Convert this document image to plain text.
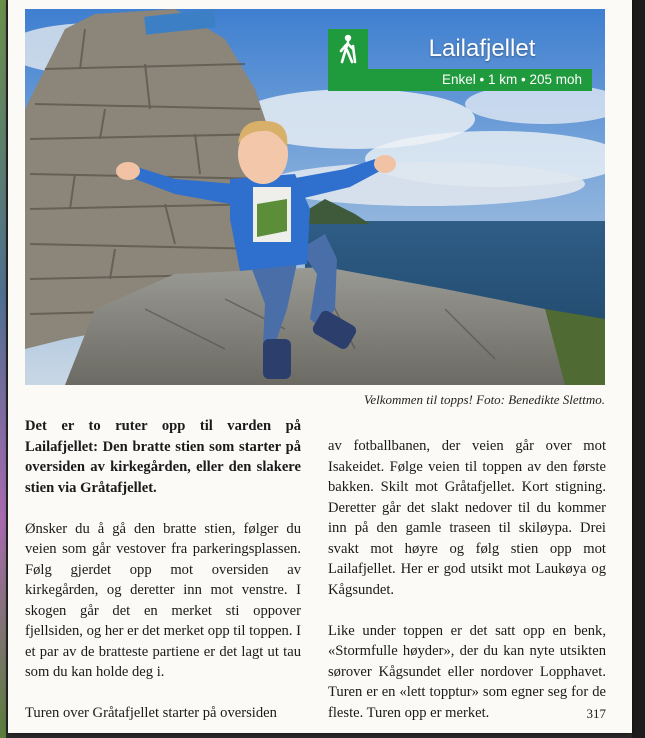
Lailafjellet
Enkel • 1 km • 205 moh
Velkommen til topps! Foto: Benedikte Slettmo.

Det er to ruter opp til varden på Lailafjellet: Den bratte stien som starter på oversiden av kirkegården, eller den slakere stien via Gråtafjellet.

Ønsker du å gå den bratte stien, følger du veien som går vestover fra parkeringsplassen. Følg gjerdet opp mot oversiden av kirkegården, og deretter inn mot venstre. I skogen går det en merket sti oppover fjellsiden, og her er det merket opp til toppen. I et par av de bratteste partiene er det lagt ut tau som du kan holde deg i.

Turen over Gråtafjellet starter på oversiden

av fotballbanen, der veien går over mot Isakeidet. Følge veien til toppen av den første bakken. Skilt mot Gråtafjellet. Kort stigning. Deretter går det slakt nedover til du kommer inn på den gamle traseen til skiløypa. Drei svakt mot høyre og følg stien opp mot Lailafjellet. Her er god utsikt mot Laukøya og Kågsundet.

Like under toppen er det satt opp en benk, «Stormfulle høyder», der du kan nyte utsikten sørover Kågsundet eller nordover Lopphavet. Turen er en «lett topptur» som egner seg for de fleste. Turen opp er merket.	317
